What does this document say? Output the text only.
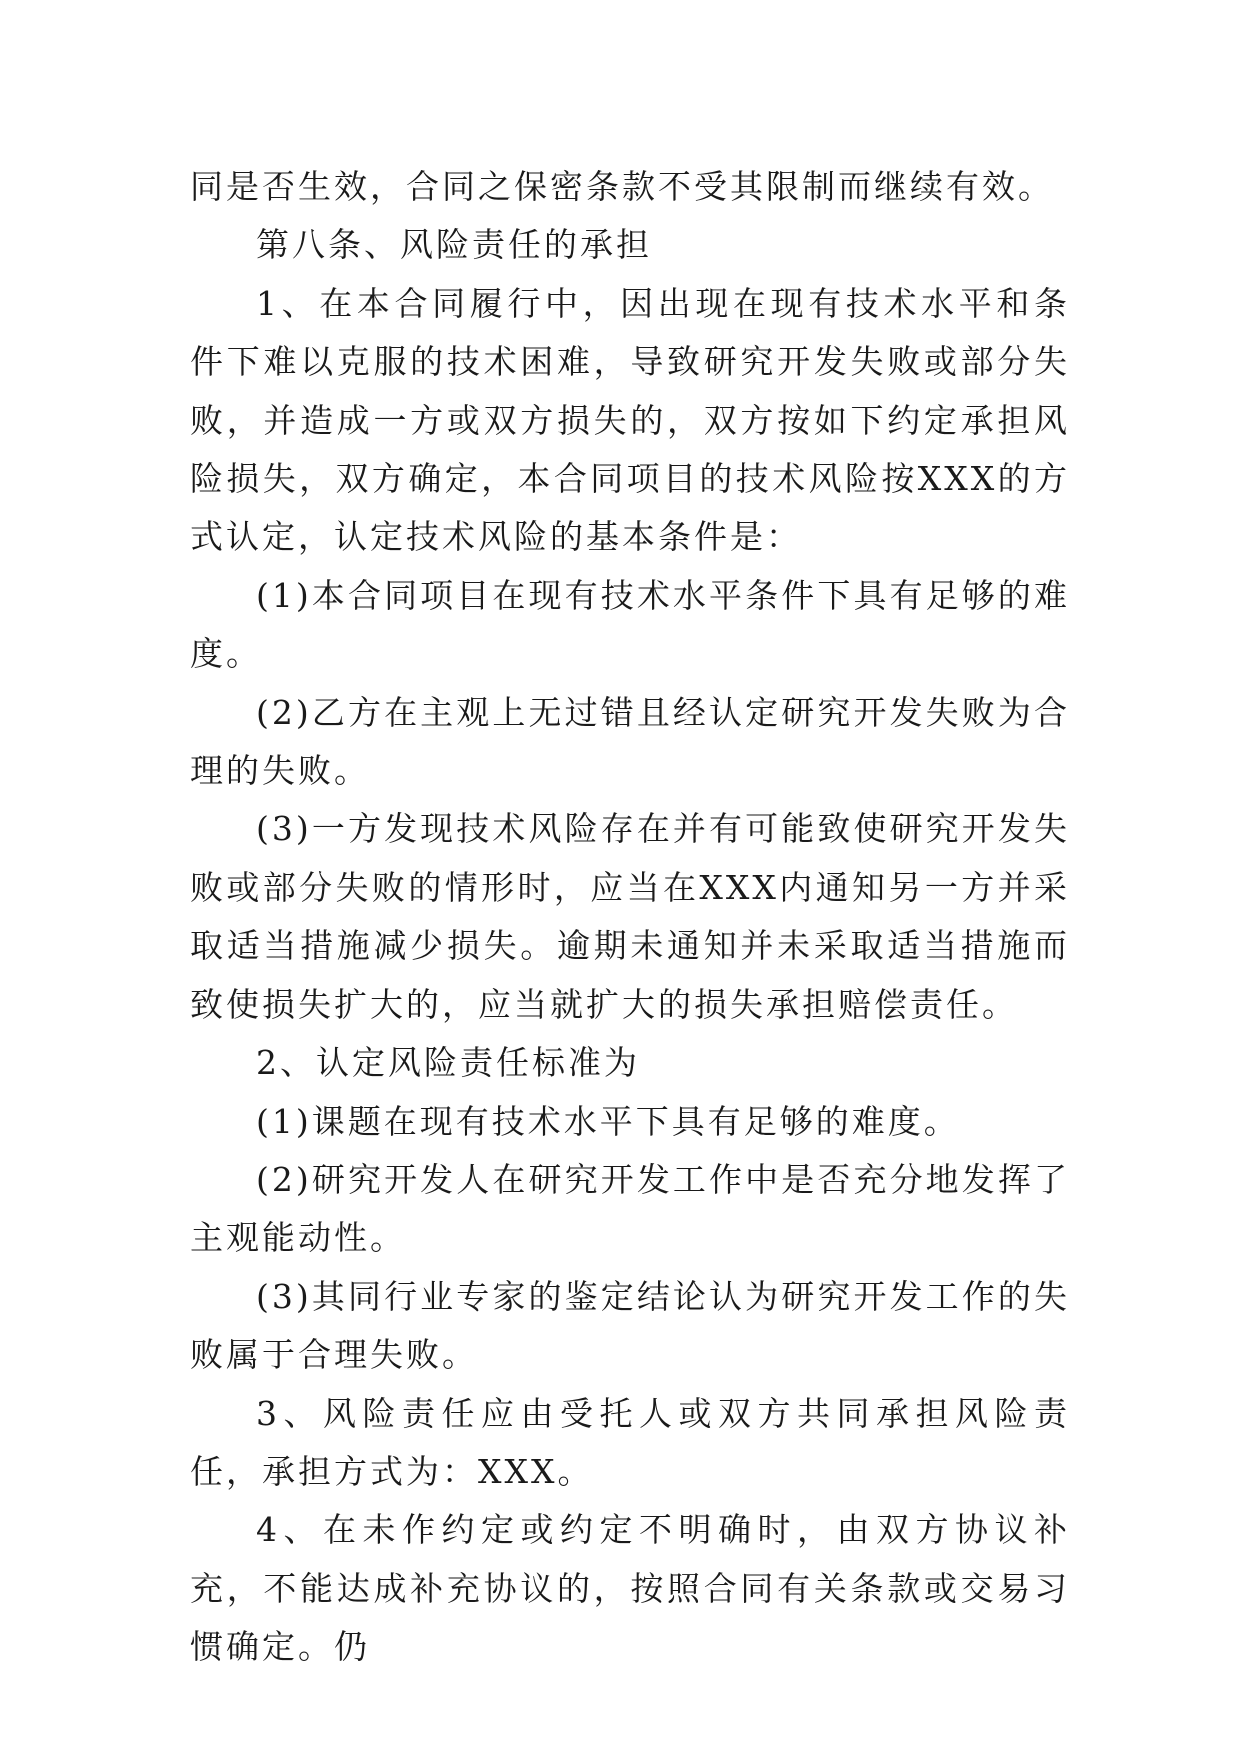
同是否生效，合同之保密条款不受其限制而继续有效。

第八条、风险责任的承担

1、在本合同履行中，因出现在现有技术水平和条件下难以克服的技术困难，导致研究开发失败或部分失败，并造成一方或双方损失的，双方按如下约定承担风险损失，双方确定，本合同项目的技术风险按XXX的方式认定，认定技术风险的基本条件是：

(1)本合同项目在现有技术水平条件下具有足够的难度。

(2)乙方在主观上无过错且经认定研究开发失败为合理的失败。

(3)一方发现技术风险存在并有可能致使研究开发失败或部分失败的情形时，应当在XXX内通知另一方并采取适当措施减少损失。逾期未通知并未采取适当措施而致使损失扩大的，应当就扩大的损失承担赔偿责任。

2、认定风险责任标准为

(1)课题在现有技术水平下具有足够的难度。

(2)研究开发人在研究开发工作中是否充分地发挥了主观能动性。

(3)其同行业专家的鉴定结论认为研究开发工作的失败属于合理失败。

3、风险责任应由受托人或双方共同承担风险责任，承担方式为：XXX。

4、在未作约定或约定不明确时，由双方协议补充，不能达成补充协议的，按照合同有关条款或交易习惯确定。仍
